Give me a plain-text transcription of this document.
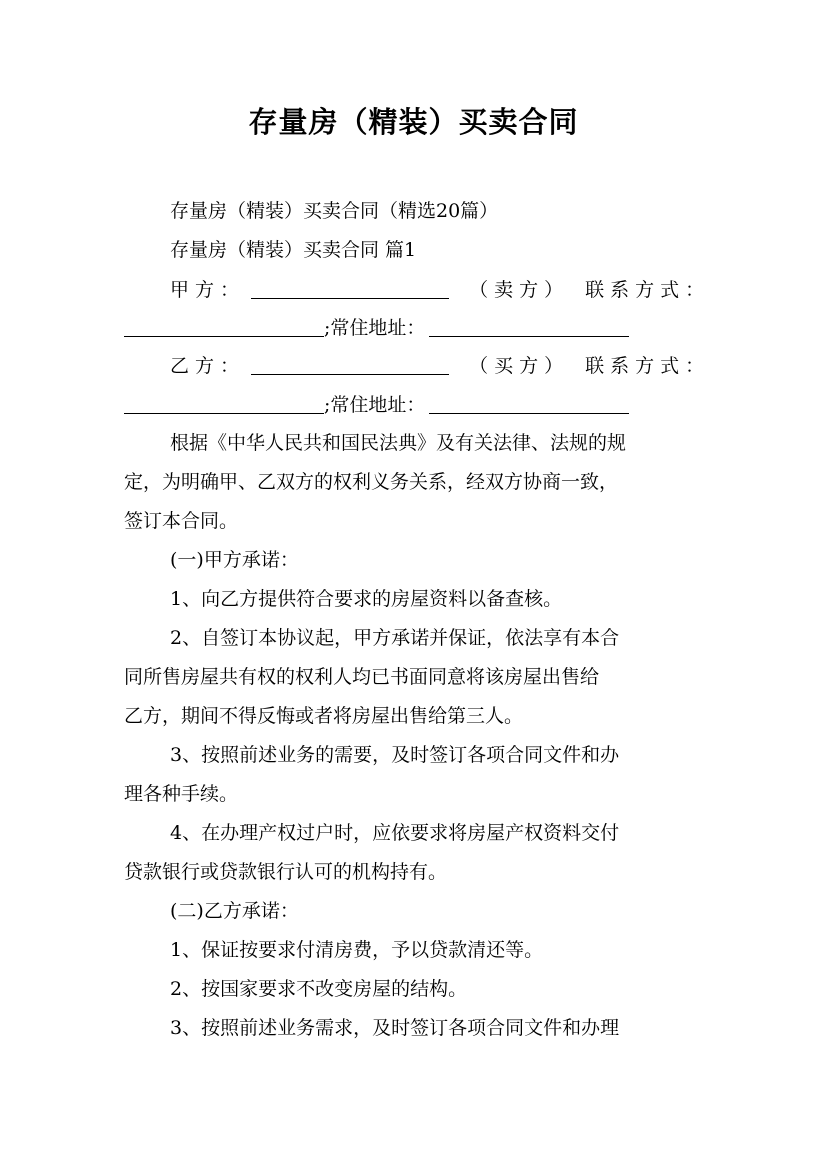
存量房（精装）买卖合同
存量房（精装）买卖合同（精选20篇）
存量房（精装）买卖合同 篇1
甲方：	（卖方） 联系方式：
;常住地址：
乙方：	（买方） 联系方式：
;常住地址：
根据《中华人民共和国民法典》及有关法律、法规的规
定，为明确甲、乙双方的权利义务关系，经双方协商一致，
签订本合同。
(一)甲方承诺：
1、向乙方提供符合要求的房屋资料以备查核。
2、自签订本协议起，甲方承诺并保证，依法享有本合
同所售房屋共有权的权利人均已书面同意将该房屋出售给
乙方，期间不得反悔或者将房屋出售给第三人。
3、按照前述业务的需要，及时签订各项合同文件和办
理各种手续。
4、在办理产权过户时，应依要求将房屋产权资料交付
贷款银行或贷款银行认可的机构持有。
(二)乙方承诺：
1、保证按要求付清房费，予以贷款清还等。
2、按国家要求不改变房屋的结构。
3、按照前述业务需求，及时签订各项合同文件和办理
